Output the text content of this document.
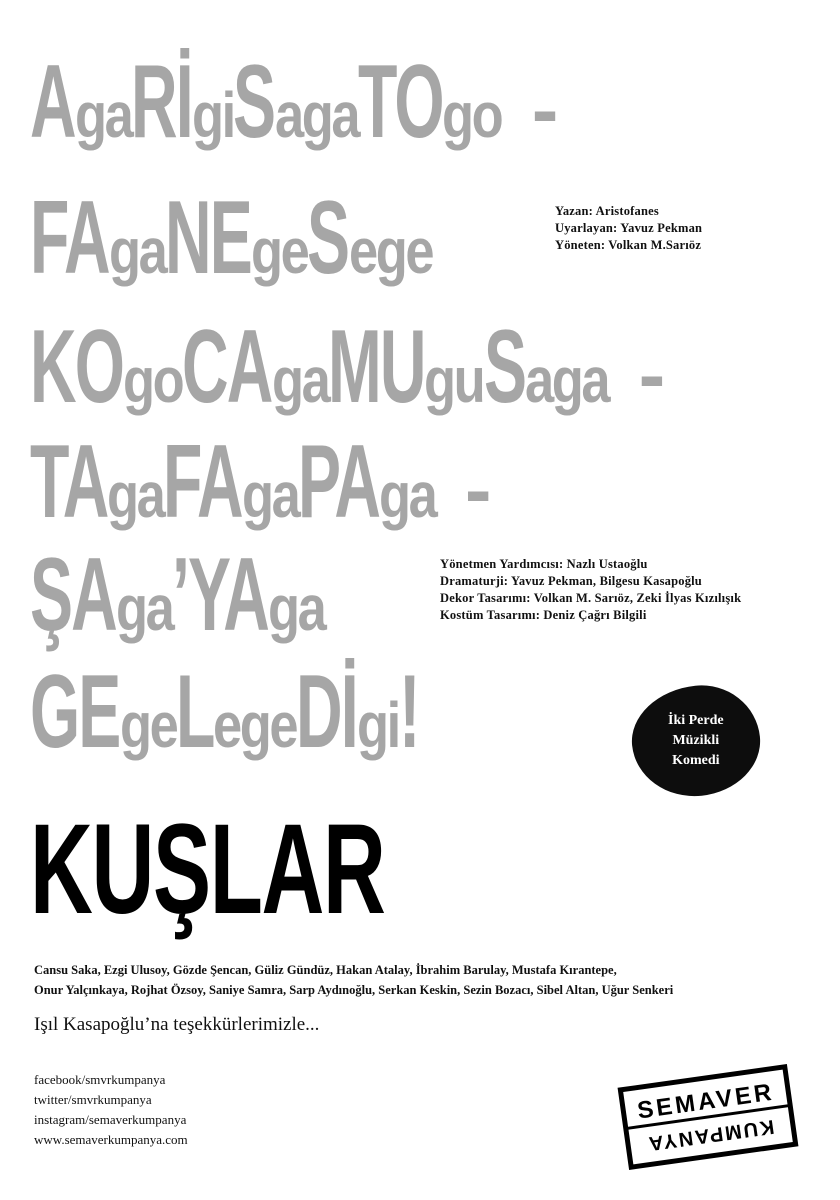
GEgeLegeDİgi!
ŞAga’YAga
TAgaFAgaPAga -
KOgoCAgaMUguSaga -
FAgaNEgeSege
AgaRİgiSagaTOgo -
Yazan: Aristofanes
Uyarlayan: Yavuz Pekman
Yöneten: Volkan M.Sarıöz
Yönetmen Yardımcısı: Nazlı Ustaoğlu
Dramaturji: Yavuz Pekman, Bilgesu Kasapoğlu
Dekor Tasarımı: Volkan M. Sarıöz, Zeki İlyas Kızılışık
Kostüm Tasarımı: Deniz Çağrı Bilgili
İki Perde
Müzikli
Komedi
KUŞLAR
Cansu Saka, Ezgi Ulusoy, Gözde Şencan, Güliz Gündüz, Hakan Atalay, İbrahim Barulay, Mustafa Kırantepe,
Onur Yalçınkaya, Rojhat Özsoy, Saniye Samra, Sarp Aydınoğlu, Serkan Keskin, Sezin Bozacı, Sibel Altan, Uğur Senkeri
Işıl Kasapoğlu’na teşekkürlerimizle...
facebook/smvrkumpanya
twitter/smvrkumpanya
instagram/semaverkumpanya
www.semaverkumpanya.com
SEMAVER
KUMPANYA
